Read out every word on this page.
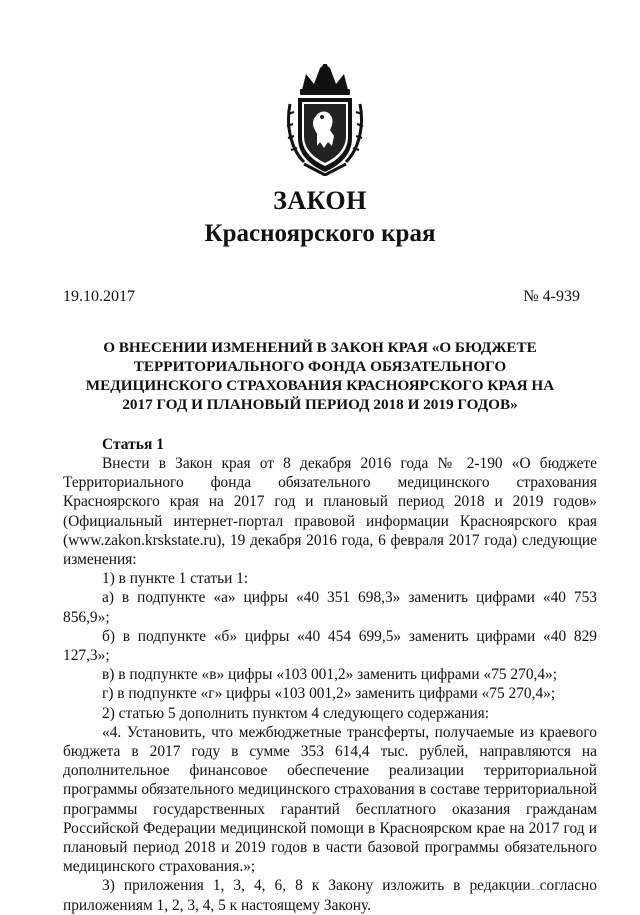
ЗАКОН
Красноярского края
19.10.2017	№ 4-939
О ВНЕСЕНИИ ИЗМЕНЕНИЙ В ЗАКОН КРАЯ «О БЮДЖЕТЕ ТЕРРИТОРИАЛЬНОГО ФОНДА ОБЯЗАТЕЛЬНОГО МЕДИЦИНСКОГО СТРАХОВАНИЯ КРАСНОЯРСКОГО КРАЯ НА 2017 ГОД И ПЛАНОВЫЙ ПЕРИОД 2018 И 2019 ГОДОВ»
Статья 1

Внести в Закон края от 8 декабря 2016 года № 2-190 «О бюджете Территориального фонда обязательного медицинского страхования Красноярского края на 2017 год и плановый период 2018 и 2019 годов» (Официальный интернет-портал правовой информации Красноярского края (www.zakon.krskstate.ru), 19 декабря 2016 года, 6 февраля 2017 года) следующие изменения:

1) в пункте 1 статьи 1:

а) в подпункте «а» цифры «40 351 698,3» заменить цифрами «40 753 856,9»;

б) в подпункте «б» цифры «40 454 699,5» заменить цифрами «40 829 127,3»;

в) в подпункте «в» цифры «103 001,2» заменить цифрами «75 270,4»;

г) в подпункте «г» цифры «103 001,2» заменить цифрами «75 270,4»;

2) статью 5 дополнить пунктом 4 следующего содержания:

«4. Установить, что межбюджетные трансферты, получаемые из краевого бюджета в 2017 году в сумме 353 614,4 тыс. рублей, направляются на дополнительное финансовое обеспечение реализации территориальной программы обязательного медицинского страхования в составе территориальной программы государственных гарантий бесплатного оказания гражданам Российской Федерации медицинской помощи в Красноярском крае на 2017 год и плановый период 2018 и 2019 годов в части базовой программы обязательного медицинского страхования.»;

3) приложения 1, 3, 4, 6, 8 к Закону изложить в редакции согласно приложениям 1, 2, 3, 4, 5 к настоящему Закону.
